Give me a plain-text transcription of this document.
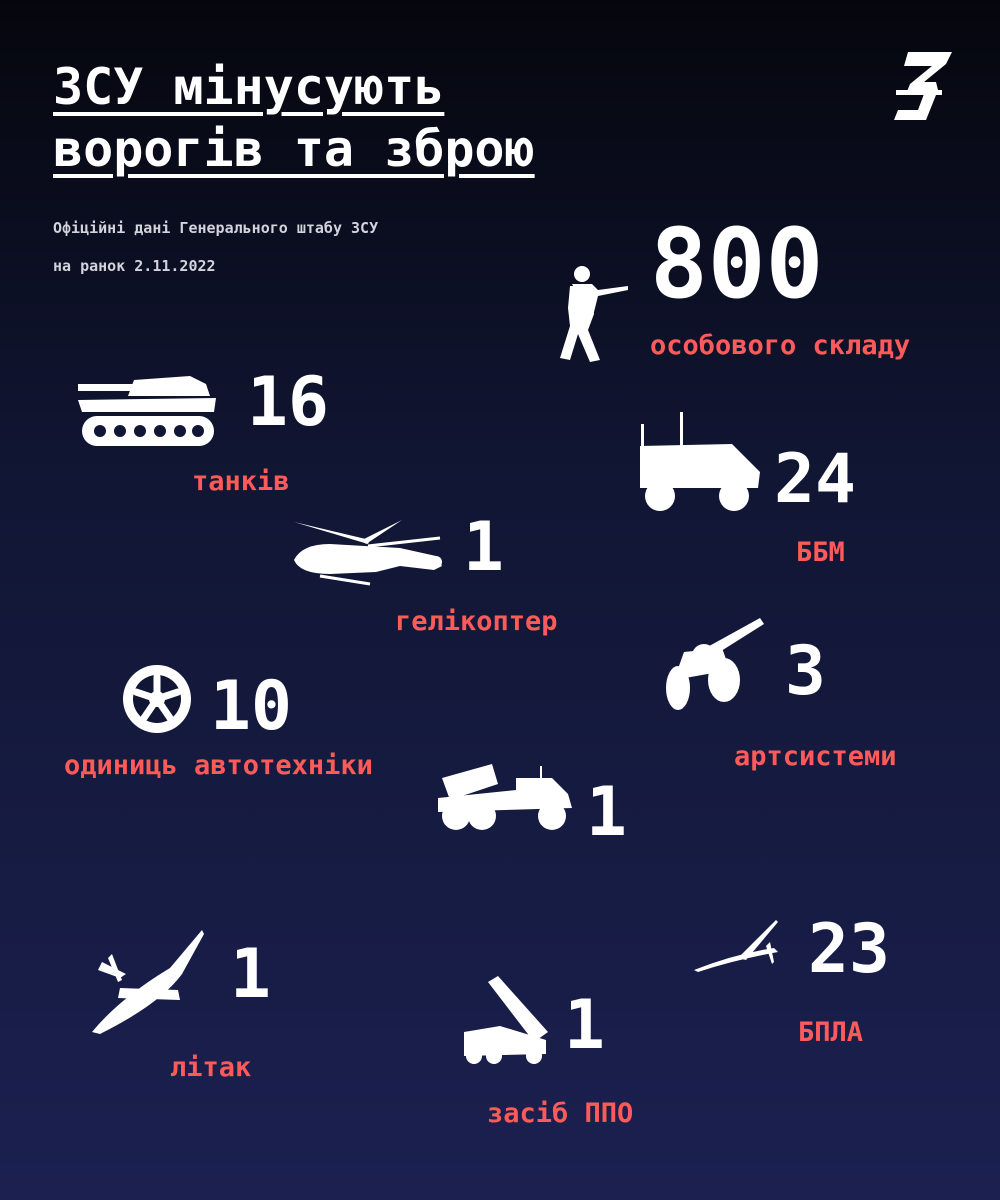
ЗСУ мінусують
ворогів та зброю
Офіційні дані Генерального штабу ЗСУ
на ранок 2.11.2022	800
особового складу
16
танків	24
ББМ
1
гелікоптер
3
артсистеми
10
одиниць автотехніки
1
1
літак
1
засіб ППО
23
БПЛА
